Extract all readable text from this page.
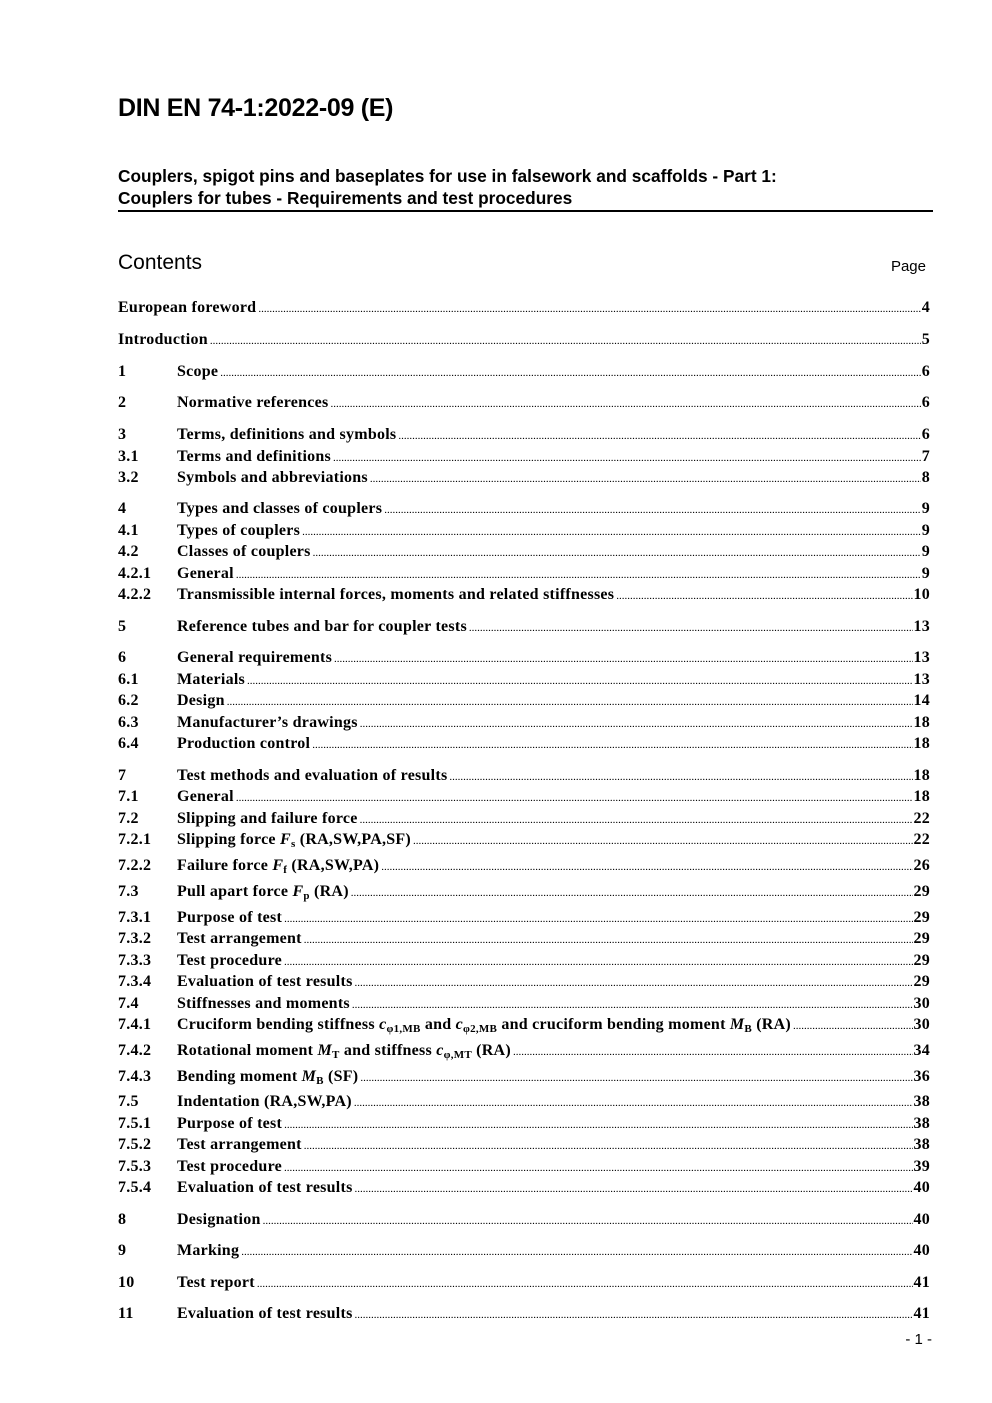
DIN EN 74-1:2022-09 (E)
Couplers, spigot pins and baseplates for use in falsework and scaffolds - Part 1:
Couplers for tubes - Requirements and test procedures
Contents	Page
European foreword .....	4
Introduction .....	5
1	Scope .....	6
2	Normative references .....	6
3	Terms, definitions and symbols .....	6
3.1	Terms and definitions .....	7
3.2	Symbols and abbreviations .....	8
4	Types and classes of couplers .....	9
4.1	Types of couplers .....	9
4.2	Classes of couplers .....	9
4.2.1	General .....	9
4.2.2	Transmissible internal forces, moments and related stiffnesses .....	10
5	Reference tubes and bar for coupler tests .....	13
6	General requirements .....	13
6.1	Materials .....	13
6.2	Design .....	14
6.3	Manufacturer’s drawings .....	18
6.4	Production control .....	18
7	Test methods and evaluation of results .....	18
7.1	General .....	18
7.2	Slipping and failure force .....	22
7.2.1	Slipping force $F_s$ (RA,SW,PA,SF) .....	22
7.2.2	Failure force $F_f$ (RA,SW,PA) .....	26
7.3	Pull apart force $F_p$ (RA) .....	29
7.3.1	Purpose of test .....	29
7.3.2	Test arrangement .....	29
7.3.3	Test procedure .....	29
7.3.4	Evaluation of test results .....	29
7.4	Stiffnesses and moments .....	30
7.4.1	Cruciform bending stiffness $c_{\varphi 1,MB}$ and $c_{\varphi 2,MB}$ and cruciform bending moment $M_B$ (RA) .....	30
7.4.2	Rotational moment $M_T$ and stiffness $c_{\varphi,MT}$ (RA) .....	34
7.4.3	Bending moment $M_B$ (SF) .....	36
7.5	Indentation (RA,SW,PA) .....	38
7.5.1	Purpose of test .....	38
7.5.2	Test arrangement .....	38
7.5.3	Test procedure .....	39
7.5.4	Evaluation of test results .....	40
8	Designation .....	40
9	Marking .....	40
10	Test report .....	41
11	Evaluation of test results .....	41
- 1 -
